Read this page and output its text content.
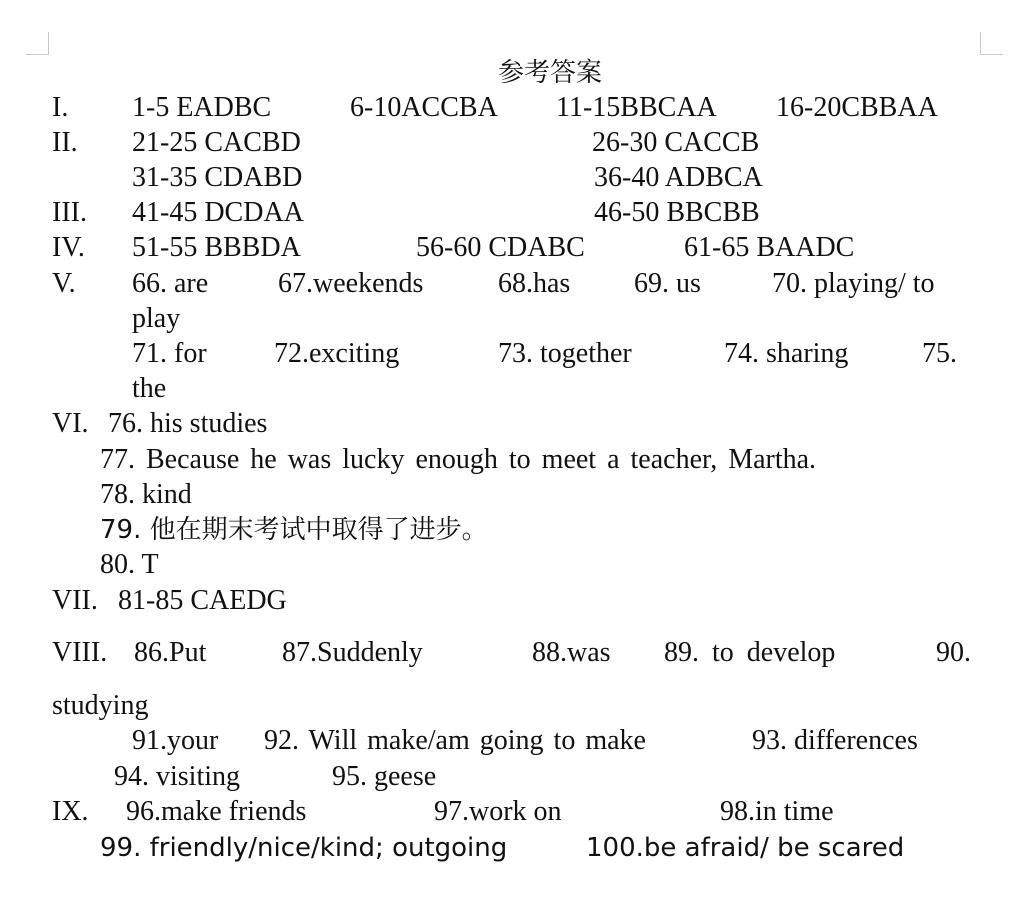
参考答案
I. 1-5 EADBC	6-10ACCBA 11-15BBCAA 16-20CBBAA
II. 21-25 CACBD	26-30 CACCB
31-35 CDABD	36-40 ADBCA
III. 41-45 DCDAA	46-50 BBCBB
IV. 51-55 BBBDA	56-60 CDABC	61-65 BAADC
V. 66. are 67.weekends	68.has 69. us	70. playing/ to
play
71. for 72.exciting	73. together	74. sharing	75.
the
VI. 76. his studies
77. Because he was lucky enough to meet a teacher, Martha.
78. kind
79. 他在期末考试中取得了进步。
80. T
VII. 81-85 CAEDG
VIII. 86.Put	87.Suddenly	88.was 89. to develop	90.
studying
91.your 92. Will make/am going to make	93. differences
94. visiting	95. geese
IX. 96.make friends	97.work on	98.in time
99. friendly/nice/kind; outgoing	100.be afraid/ be scared
